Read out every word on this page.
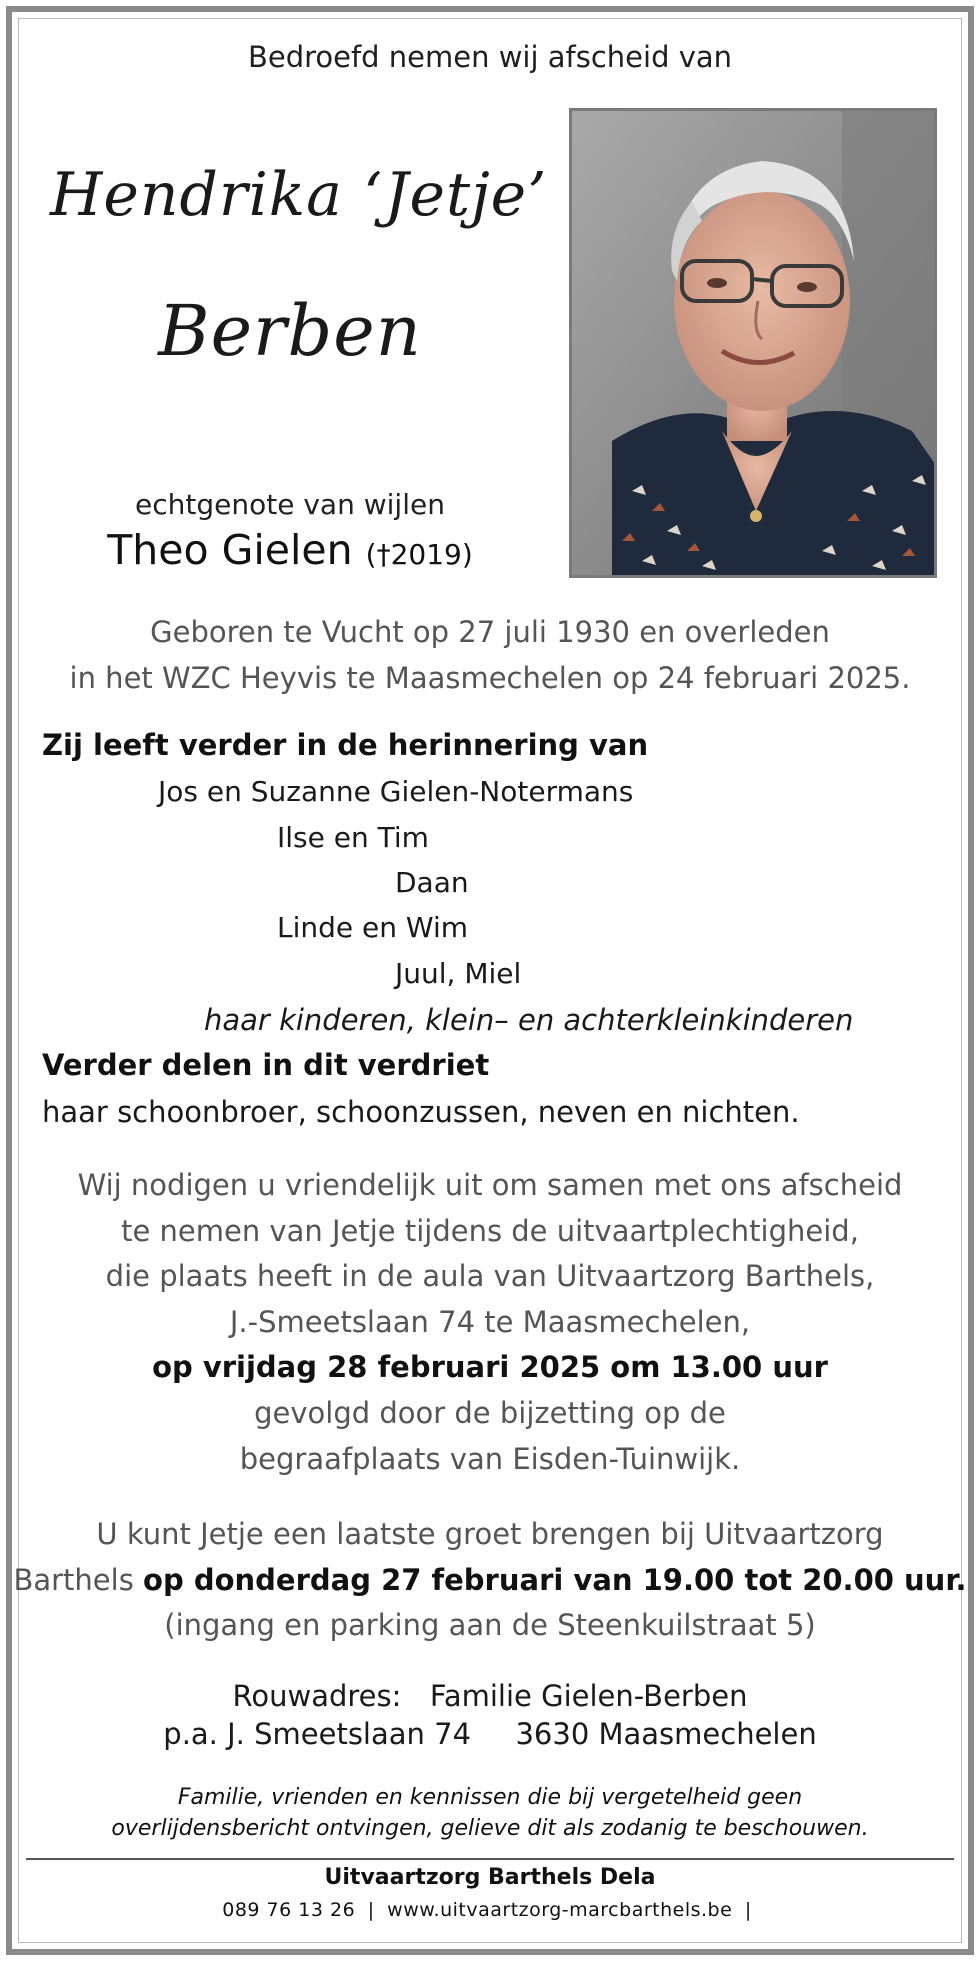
Bedroefd nemen wij afscheid van
Hendrika ‘Jetje’
Berben
echtgenote van wijlen
Theo Gielen (†2019)
Geboren te Vucht op 27 juli 1930 en overleden
in het WZC Heyvis te Maasmechelen op 24 februari 2025.
Zij leeft verder in de herinnering van
Jos en Suzanne Gielen-Notermans
Ilse en Tim
Daan
Linde en Wim
Juul, Miel
haar kinderen, klein– en achterkleinkinderen
Verder delen in dit verdriet
haar schoonbroer, schoonzussen, neven en nichten.
Wij nodigen u vriendelijk uit om samen met ons afscheid
te nemen van Jetje tijdens de uitvaartplechtigheid,
die plaats heeft in de aula van Uitvaartzorg Barthels,
J.-Smeetslaan 74 te Maasmechelen,
op vrijdag 28 februari 2025 om 13.00 uur
gevolgd door de bijzetting op de
begraafplaats van Eisden-Tuinwijk.
U kunt Jetje een laatste groet brengen bij Uitvaartzorg
Barthels op donderdag 27 februari van 19.00 tot 20.00 uur.
(ingang en parking aan de Steenkuilstraat 5)
Rouwadres: Familie Gielen-Berben
p.a. J. Smeetslaan 74 3630 Maasmechelen
Familie, vrienden en kennissen die bij vergetelheid geen
overlijdensbericht ontvingen, gelieve dit als zodanig te beschouwen.
Uitvaartzorg Barthels Dela
089 76 13 26 | www.uitvaartzorg-marcbarthels.be |
